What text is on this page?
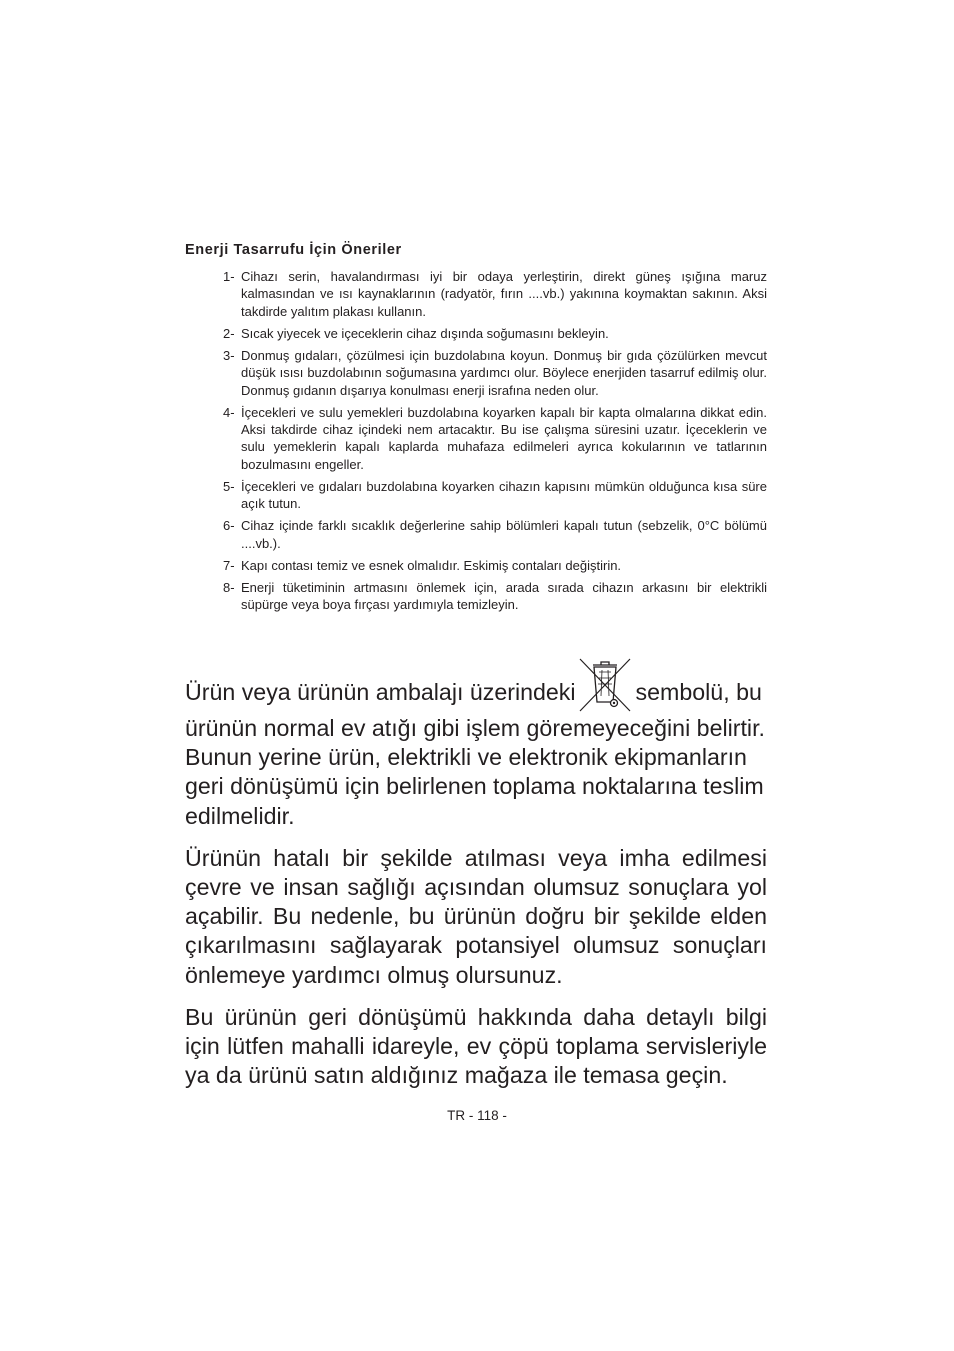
Enerji Tasarrufu İçin Öneriler
1- Cihazı serin, havalandırması iyi bir odaya yerleştirin, direkt güneş ışığına maruz kalmasından ve ısı kaynaklarının (radyatör, fırın ....vb.) yakınına koymaktan sakının. Aksi takdirde yalıtım plakası kullanın.
2- Sıcak yiyecek ve içeceklerin cihaz dışında soğumasını bekleyin.
3- Donmuş gıdaları, çözülmesi için buzdolabına koyun. Donmuş bir gıda çözülürken mevcut düşük ısısı buzdolabının soğumasına yardımcı olur. Böylece enerjiden tasarruf edilmiş olur. Donmuş gıdanın dışarıya konulması enerji israfına neden olur.
4- İçecekleri ve sulu yemekleri buzdolabına koyarken kapalı bir kapta olmalarına dikkat edin. Aksi takdirde cihaz içindeki nem artacaktır. Bu ise çalışma süresini uzatır. İçeceklerin ve sulu yemeklerin kapalı kaplarda muhafaza edilmeleri ayrıca kokularının ve tatlarının bozulmasını engeller.
5- İçecekleri ve gıdaları buzdolabına koyarken cihazın kapısını mümkün olduğunca kısa süre açık tutun.
6- Cihaz içinde farklı sıcaklık değerlerine sahip bölümleri kapalı tutun (sebzelik, 0°C bölümü ....vb.).
7- Kapı contası temiz ve esnek olmalıdır. Eskimiş contaları değiştirin.
8- Enerji tüketiminin artmasını önlemek için, arada sırada cihazın arkasını bir elektrikli süpürge veya boya fırçası yardımıyla temizleyin.

Ürün veya ürünün ambalajı üzerindeki	sembolü, bu ürünün normal ev atığı gibi işlem göremeyeceğini belirtir. Bunun yerine ürün, elektrikli ve elektronik ekipmanların geri dönüşümü için belirlenen toplama noktalarına teslim edilmelidir.

Ürünün hatalı bir şekilde atılması veya imha edilmesi çevre ve insan sağlığı açısından olumsuz sonuçlara yol açabilir. Bu nedenle, bu ürünün doğru bir şekilde elden çıkarılmasını sağlayarak potansiyel olumsuz sonuçları önlemeye yardımcı olmuş olursunuz.

Bu ürünün geri dönüşümü hakkında daha detaylı bilgi için lütfen mahalli idareyle, ev çöpü toplama servisleriyle ya da ürünü satın aldığınız mağaza ile temasa geçin.

TR - 118 -
